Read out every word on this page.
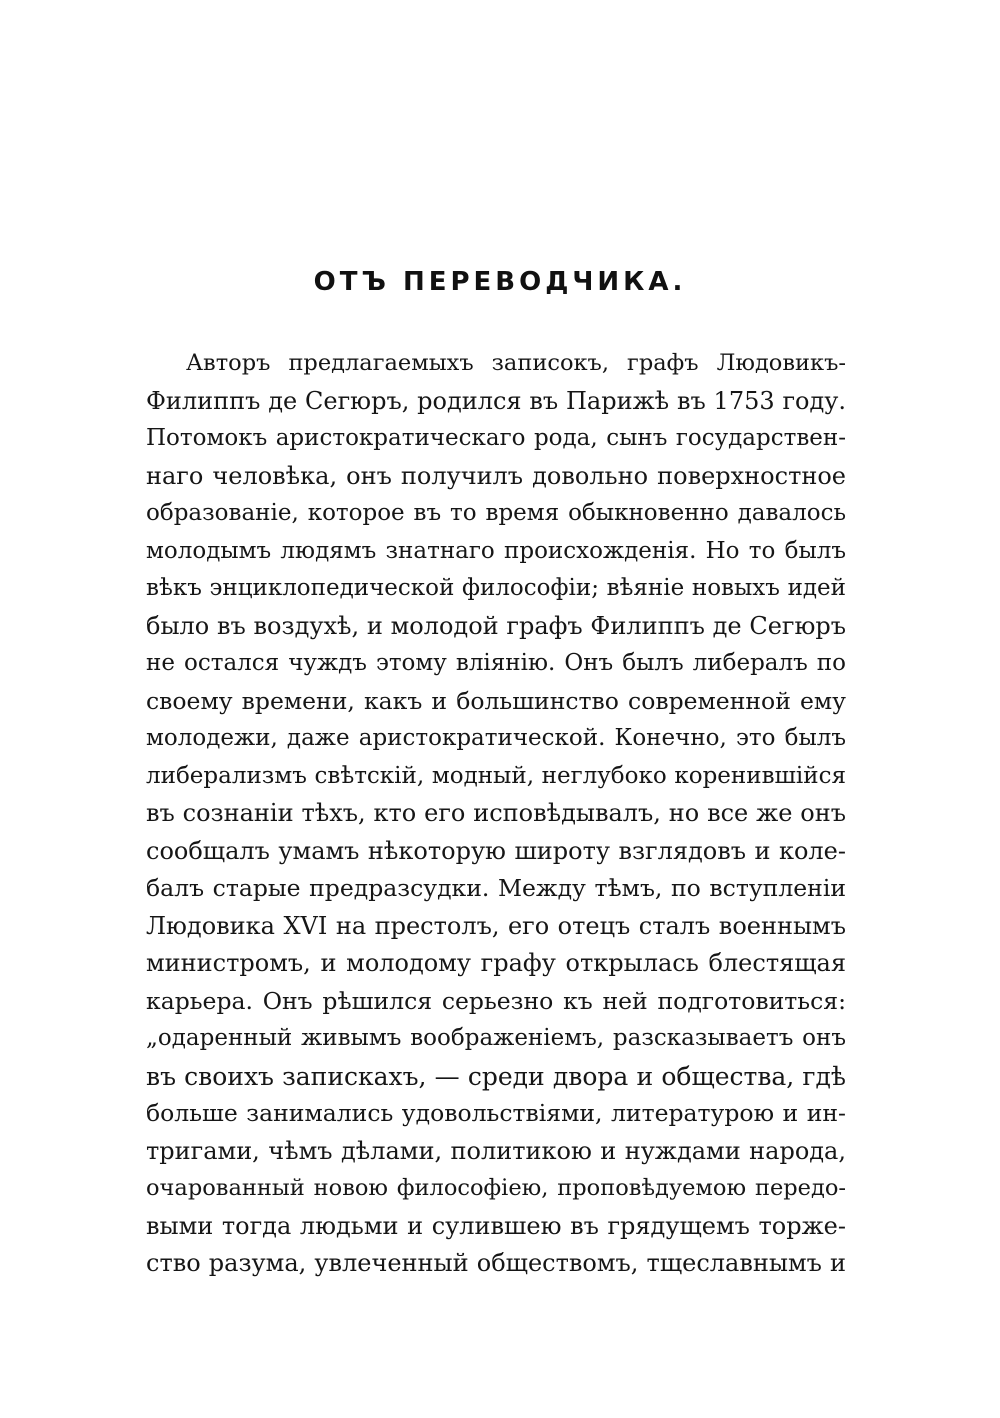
ОТЪ ПЕРЕВОДЧИКА.
Авторъ предлагаемыхъ записокъ, графъ Людовикъ-
Филиппъ де Сегюръ, родился въ Парижѣ въ 1753 году.
Потомокъ аристократическаго рода, сынъ государствен-
наго человѣка, онъ получилъ довольно поверхностное
образованіе, которое въ то время обыкновенно давалось
молодымъ людямъ знатнаго происхожденія. Но то былъ
вѣкъ энциклопедической философіи; вѣяніе новыхъ идей
было въ воздухѣ, и молодой графъ Филиппъ де Сегюръ
не остался чуждъ этому вліянію. Онъ былъ либералъ по
своему времени, какъ и большинство современной ему
молодежи, даже аристократической. Конечно, это былъ
либерализмъ свѣтскій, модный, неглубоко коренившійся
въ сознаніи тѣхъ, кто его исповѣдывалъ, но все же онъ
сообщалъ умамъ нѣкоторую широту взглядовъ и коле-
балъ старые предразсудки. Между тѣмъ, по вступленіи
Людовика XVI на престолъ, его отецъ сталъ военнымъ
министромъ, и молодому графу открылась блестящая
карьера. Онъ рѣшился серьезно къ ней подготовиться:
„одаренный живымъ воображеніемъ, разсказываетъ онъ
въ своихъ запискахъ, — среди двора и общества, гдѣ
больше занимались удовольствіями, литературою и ин-
тригами, чѣмъ дѣлами, политикою и нуждами народа,
очарованный новою философіею, проповѣдуемою передо-
выми тогда людьми и сулившею въ грядущемъ торже-
ство разума, увлеченный обществомъ, тщеславнымъ и
